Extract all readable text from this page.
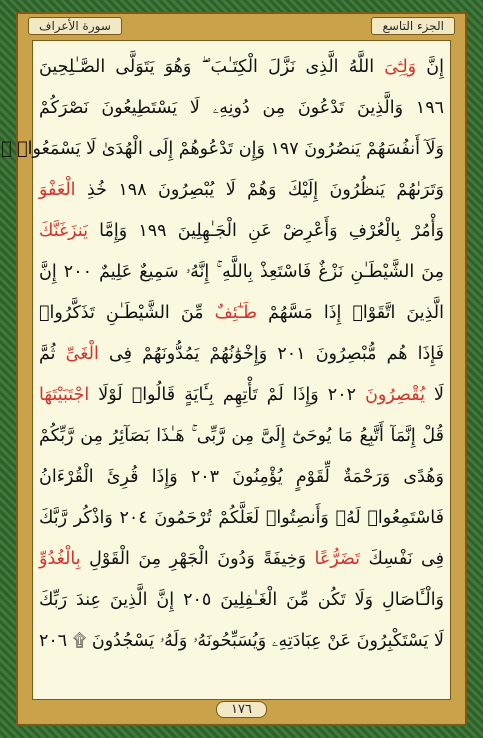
سورة الأعراف	الجزء التاسع
إِنَّ وَلِـِّۧىَ اللَّهُ الَّذِى نَزَّلَ الْكِتَـٰبَ ۖ وَهُوَ يَتَوَلَّى الصَّـٰلِحِينَ
١٩٦ وَالَّذِينَ تَدْعُونَ مِن دُونِهِۦ لَا يَسْتَطِيعُونَ نَصْرَكُمْ
وَلَآ أَنفُسَهُمْ يَنصُرُونَ ١٩٧ وَإِن تَدْعُوهُمْ إِلَى الْهُدَىٰ لَا يَسْمَعُوا۟ ۖ
وَتَرَىٰهُمْ يَنظُرُونَ إِلَيْكَ وَهُمْ لَا يُبْصِرُونَ ١٩٨ خُذِ الْعَفْوَ
وَأْمُرْ بِالْعُرْفِ وَأَعْرِضْ عَنِ الْجَـٰهِلِينَ ١٩٩ وَإِمَّا يَنزَغَنَّكَ
مِنَ الشَّيْطَـٰنِ نَزْغٌ فَاسْتَعِذْ بِاللَّهِ ۚ إِنَّهُۥ سَمِيعٌ عَلِيمٌ ٢٠٠ إِنَّ
الَّذِينَ اتَّقَوْا۟ إِذَا مَسَّهُمْ طَـٰٓئِفٌ مِّنَ الشَّيْطَـٰنِ تَذَكَّرُوا۟
فَإِذَا هُم مُّبْصِرُونَ ٢٠١ وَإِخْوَٰنُهُمْ يَمُدُّونَهُمْ فِى الْغَىِّ ثُمَّ
لَا يُقْصِرُونَ ٢٠٢ وَإِذَا لَمْ تَأْتِهِم بِـَٔايَةٍ قَالُوا۟ لَوْلَا اجْتَبَيْتَهَا
قُلْ إِنَّمَآ أَتَّبِعُ مَا يُوحَىٰٓ إِلَىَّ مِن رَّبِّى ۚ هَـٰذَا بَصَآئِرُ مِن رَّبِّكُمْ
وَهُدًى وَرَحْمَةٌ لِّقَوْمٍ يُؤْمِنُونَ ٢٠٣ وَإِذَا قُرِئَ الْقُرْءَانُ
فَاسْتَمِعُوا۟ لَهُۥ وَأَنصِتُوا۟ لَعَلَّكُمْ تُرْحَمُونَ ٢٠٤ وَاذْكُر رَّبَّكَ
فِى نَفْسِكَ تَضَرُّعًا وَخِيفَةً وَدُونَ الْجَهْرِ مِنَ الْقَوْلِ بِالْغُدُوِّ
وَالْـَٔاصَالِ وَلَا تَكُن مِّنَ الْغَـٰفِلِينَ ٢٠٥ إِنَّ الَّذِينَ عِندَ رَبِّكَ
لَا يَسْتَكْبِرُونَ عَنْ عِبَادَتِهِۦ وَيُسَبِّحُونَهُۥ وَلَهُۥ يَسْجُدُونَ ۩ ٢٠٦
١٧٦
